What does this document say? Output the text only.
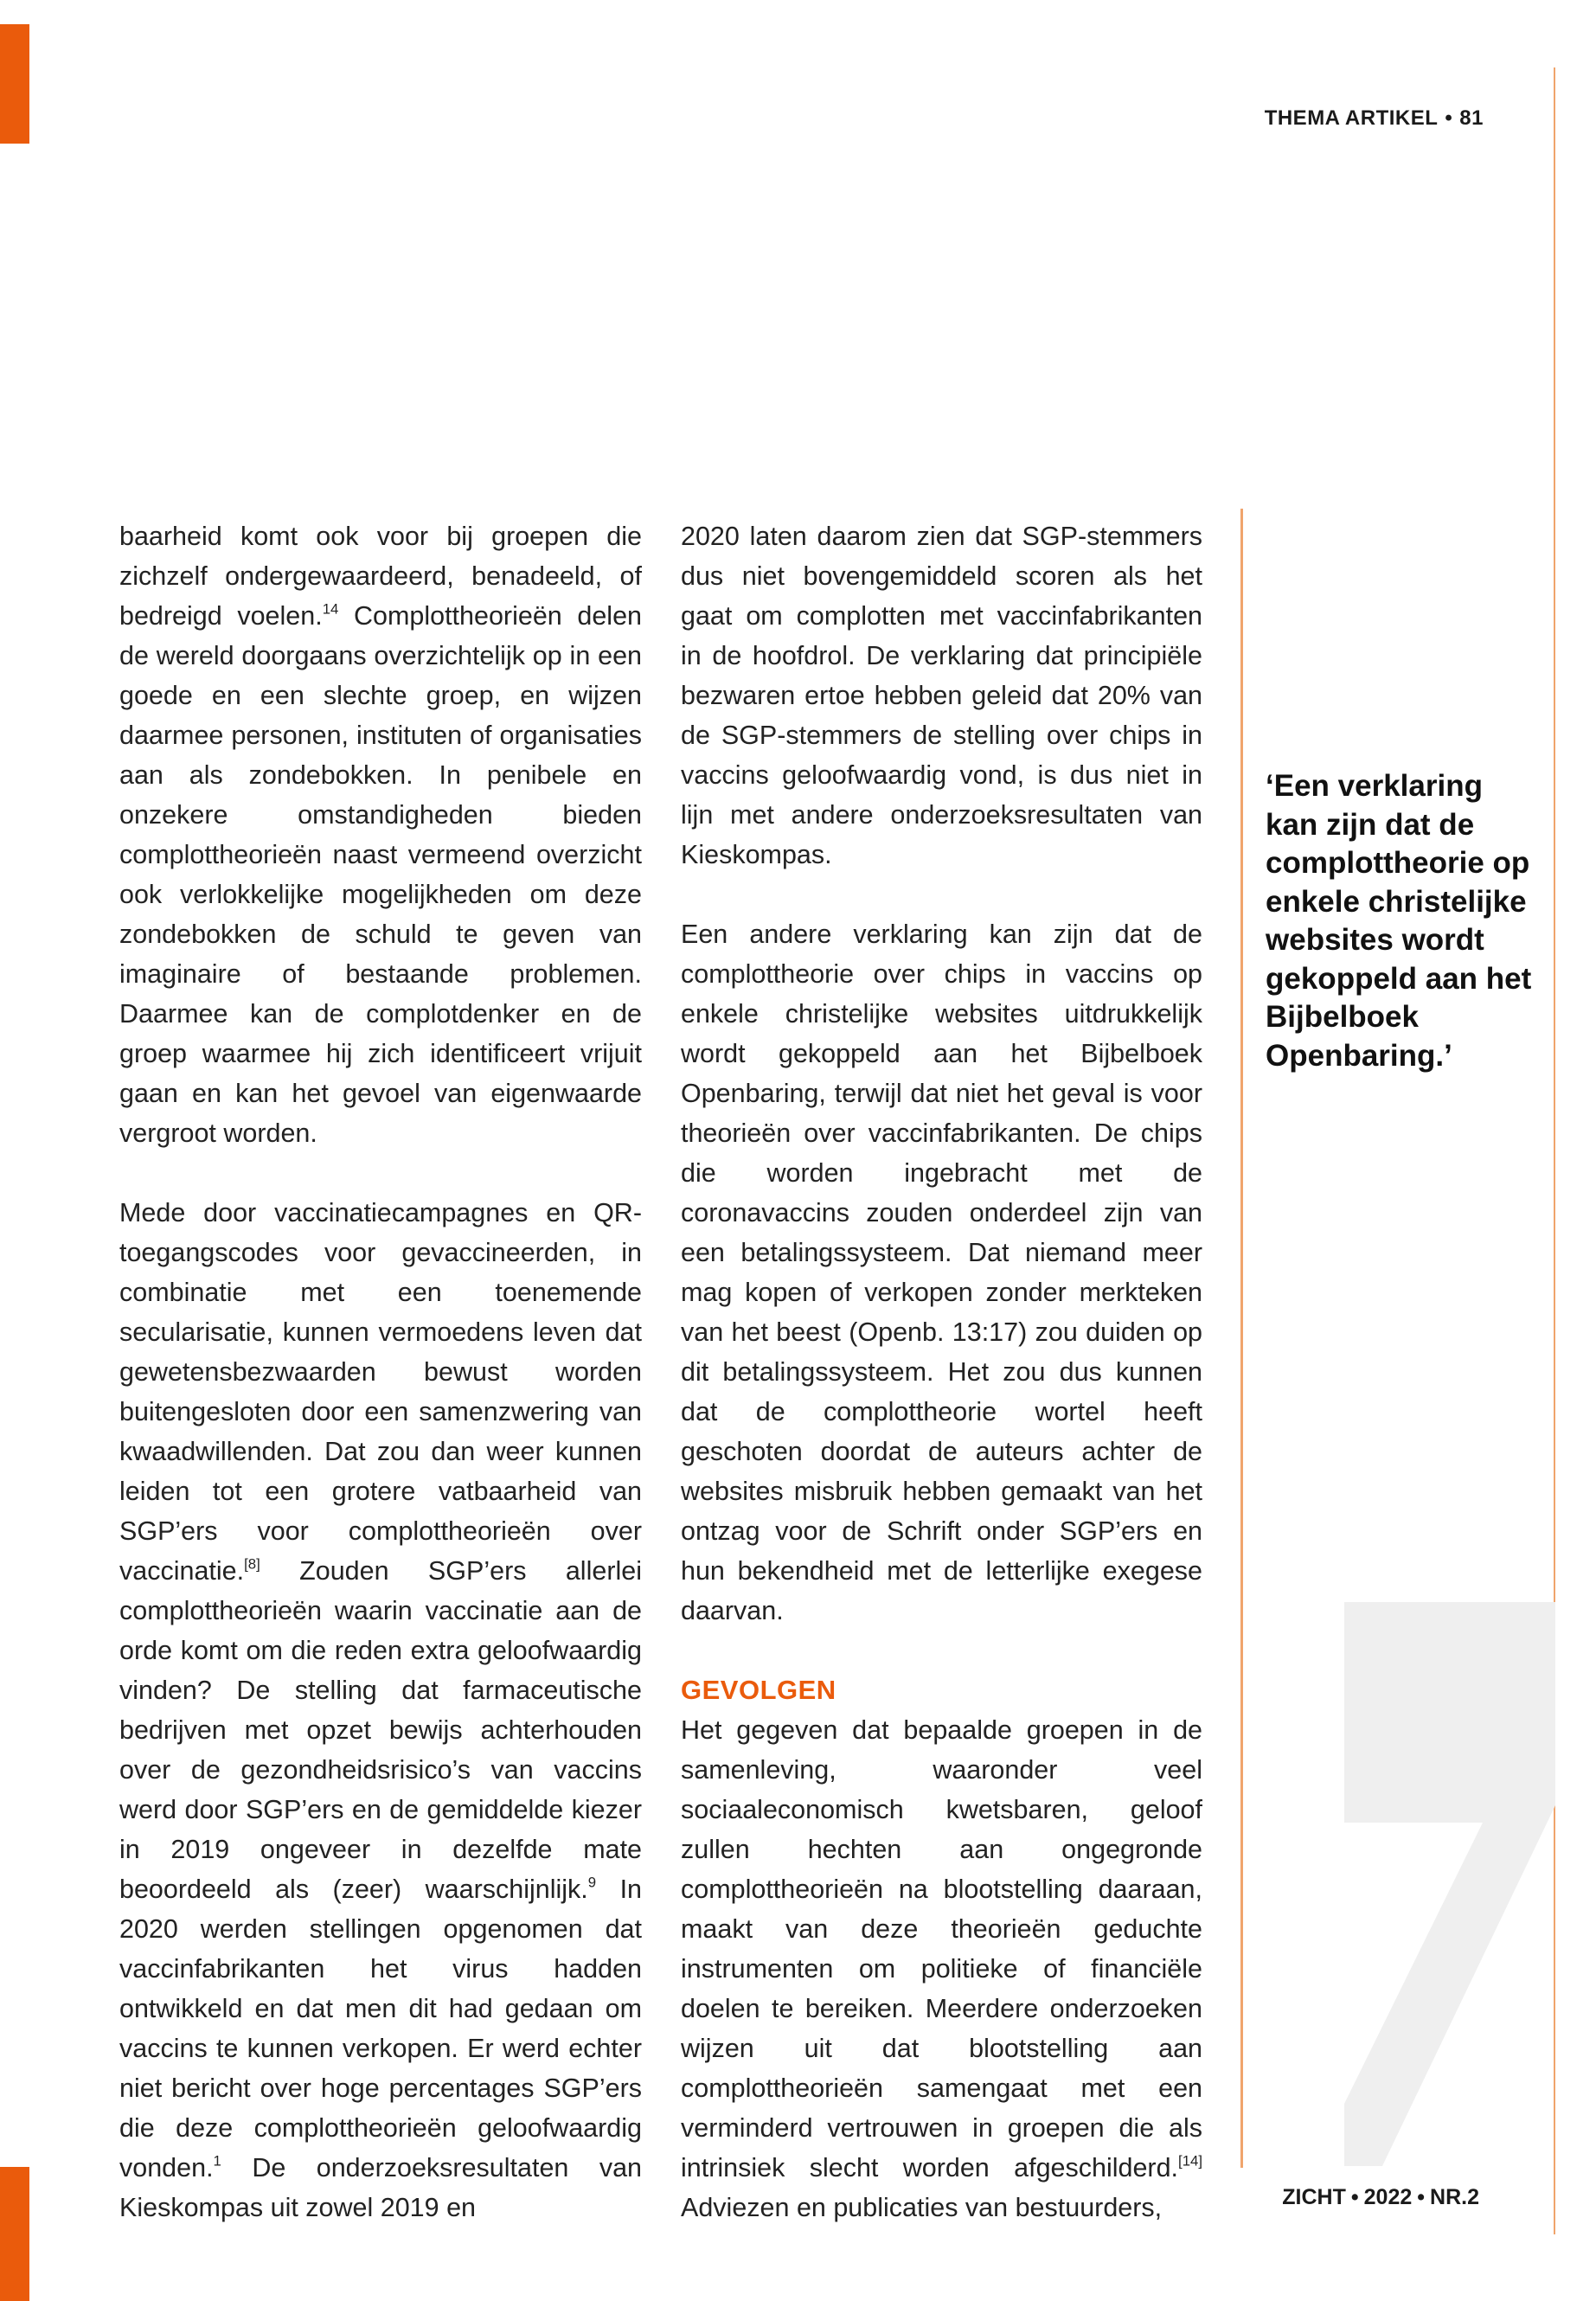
THEMA ARTIKEL • 81

baarheid komt ook voor bij groepen die zichzelf ondergewaardeerd, benadeeld, of bedreigd voelen.$^{14}$ Complottheorieën delen de wereld doorgaans overzichtelijk op in een goede en een slechte groep, en wijzen daarmee personen, instituten of organisaties aan als zondebokken. In penibele en onzekere omstandigheden bieden complottheorieën naast vermeend overzicht ook verlokkelijke mogelijkheden om deze zondebokken de schuld te geven van imaginaire of bestaande problemen. Daarmee kan de complotdenker en de groep waarmee hij zich identificeert vrijuit gaan en kan het gevoel van eigenwaarde vergroot worden.

Mede door vaccinatiecampagnes en QR-toegangscodes voor gevaccineerden, in combinatie met een toenemende secularisatie, kunnen vermoedens leven dat gewetensbezwaarden bewust worden buitengesloten door een samenzwering van kwaadwillenden. Dat zou dan weer kunnen leiden tot een grotere vatbaarheid van SGP’ers voor complottheorieën over vaccinatie.[8] Zouden SGP’ers allerlei complottheorieën waarin vaccinatie aan de orde komt om die reden extra geloofwaardig vinden? De stelling dat farmaceutische bedrijven met opzet bewijs achterhouden over de gezondheidsrisico’s van vaccins werd door SGP’ers en de gemiddelde kiezer in 2019 ongeveer in dezelfde mate beoordeeld als (zeer) waarschijnlijk.$^9$ In 2020 werden stellingen opgenomen dat vaccinfabrikanten het virus hadden ontwikkeld en dat men dit had gedaan om vaccins te kunnen verkopen. Er werd echter niet bericht over hoge percentages SGP’ers die deze complottheorieën geloofwaardig vonden.$^1$ De onderzoeksresultaten van Kieskompas uit zowel 2019 en

2020 laten daarom zien dat SGP-stemmers dus niet bovengemiddeld scoren als het gaat om complotten met vaccinfabrikanten in de hoofdrol. De verklaring dat principiële bezwaren ertoe hebben geleid dat 20% van de SGP-stemmers de stelling over chips in vaccins geloofwaardig vond, is dus niet in lijn met andere onderzoeksresultaten van Kieskompas.

Een andere verklaring kan zijn dat de complottheorie over chips in vaccins op enkele christelijke websites uitdrukkelijk wordt gekoppeld aan het Bijbelboek Openbaring, terwijl dat niet het geval is voor theorieën over vaccinfabrikanten. De chips die worden ingebracht met de coronavaccins zouden onderdeel zijn van een betalingssysteem. Dat niemand meer mag kopen of verkopen zonder merkteken van het beest (Openb. 13:17) zou duiden op dit betalingssysteem. Het zou dus kunnen dat de complottheorie wortel heeft geschoten doordat de auteurs achter de websites misbruik hebben gemaakt van het ontzag voor de Schrift onder SGP’ers en hun bekendheid met de letterlijke exegese daarvan.

GEVOLGEN
Het gegeven dat bepaalde groepen in de samenleving, waaronder veel sociaaleconomisch kwetsbaren, geloof zullen hechten aan ongegronde complottheorieën na blootstelling daaraan, maakt van deze theorieën geduchte instrumenten om politieke of financiële doelen te bereiken. Meerdere onderzoeken wijzen uit dat blootstelling aan complottheorieën samengaat met een verminderd vertrouwen in groepen die als intrinsiek slecht worden afgeschilderd.[14] Adviezen en publicaties van bestuurders,

‘Een verklaring kan zijn dat de complottheorie op enkele christelijke websites wordt gekoppeld aan het Bijbelboek Openbaring.’
ZICHT • 2022 • NR.2
